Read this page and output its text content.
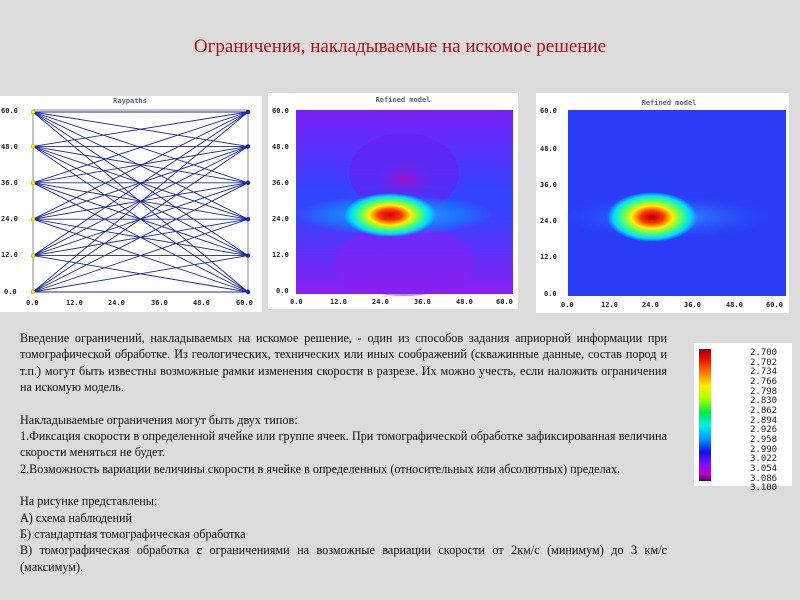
Ограничения, накладываемые на искомое решение
Raypaths
60.0
48.0
36.0
24.0
12.0
0.0
0.0	12.0	24.0	36.0	48.0	60.0
Refined model
60.0
48.0
36.0
24.0
12.0
0.0
0.0	12.0	24.0	36.0	48.0	60.0
Refined model
60.0
48.0
36.0
24.0
12.0
0.0
0.0	12.0	24.0	36.0	48.0	60.0

Введение ограничений, накладываемых на искомое решение, - один из способов задания априорной информации при томографической обработке. Из геологических, технических или иных соображений (скважинные данные, состав пород и т.п.) могут быть известны возможные рамки изменения скорости в разрезе. Их можно учесть, если наложить ограничения на искомую модель.

Накладываемые ограничения могут быть двух типов:

1.Фиксация скорости в определенной ячейке или группе ячеек. При томографической обработке зафиксированная величина скорости меняться не будет.

2.Возможность вариации величины скорости в ячейке в определенных (относительных или абсолютных) пределах.

На рисунке представлены:

А) схема наблюдений

Б) стандартная томографическая обработка

В) томографическая обработка с ограничениями на возможные вариации скорости от 2км/с (минимум) до 3 км/с (максимум).

2.700
2.702
2.734
2.766
2.798
2.830
2.862
2.894
2.926
2.958
2.990
3.022
3.054
3.086
3.100
